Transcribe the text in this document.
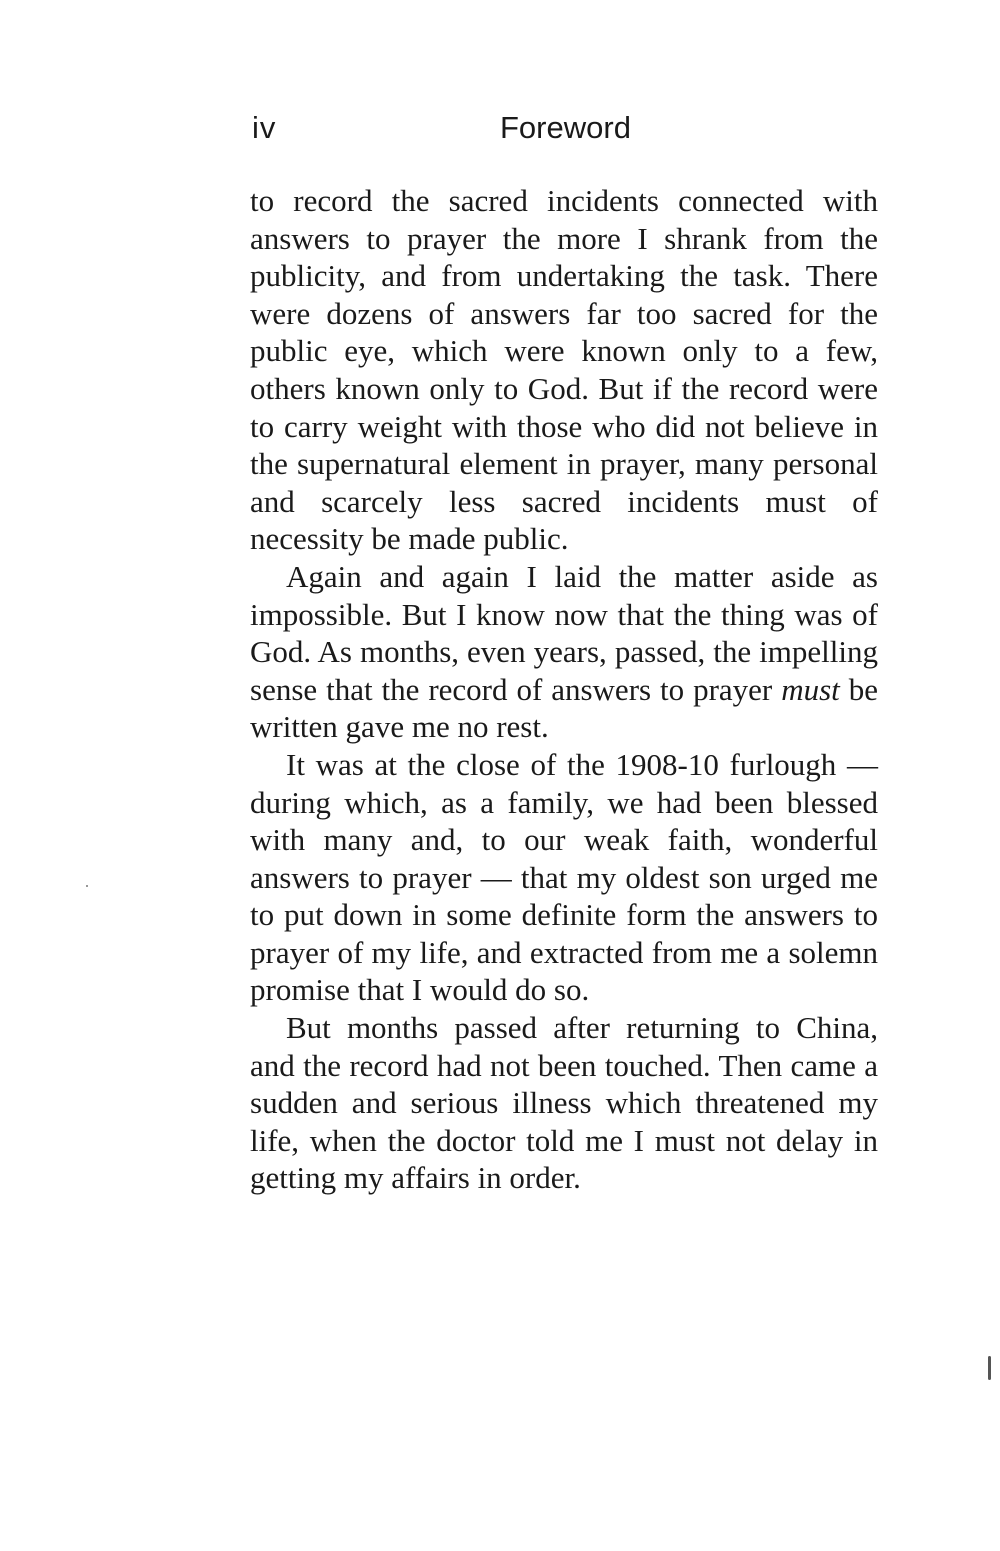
iv	Foreword

to record the sacred incidents connected with answers to prayer the more I shrank from the publicity, and from undertaking the task. There were dozens of answers far too sacred for the public eye, which were known only to a few, others known only to God. But if the record were to carry weight with those who did not believe in the supernatural element in prayer, many personal and scarcely less sacred incidents must of necessity be made public.

Again and again I laid the matter aside as impossible. But I know now that the thing was of God. As months, even years, passed, the impelling sense that the record of answers to prayer must be written gave me no rest.

It was at the close of the 1908-10 furlough — during which, as a family, we had been blessed with many and, to our weak faith, wonderful answers to prayer — that my oldest son urged me to put down in some definite form the answers to prayer of my life, and extracted from me a solemn promise that I would do so.

But months passed after returning to China, and the record had not been touched. Then came a sudden and serious illness which threatened my life, when the doctor told me I must not delay in getting my affairs in order.
